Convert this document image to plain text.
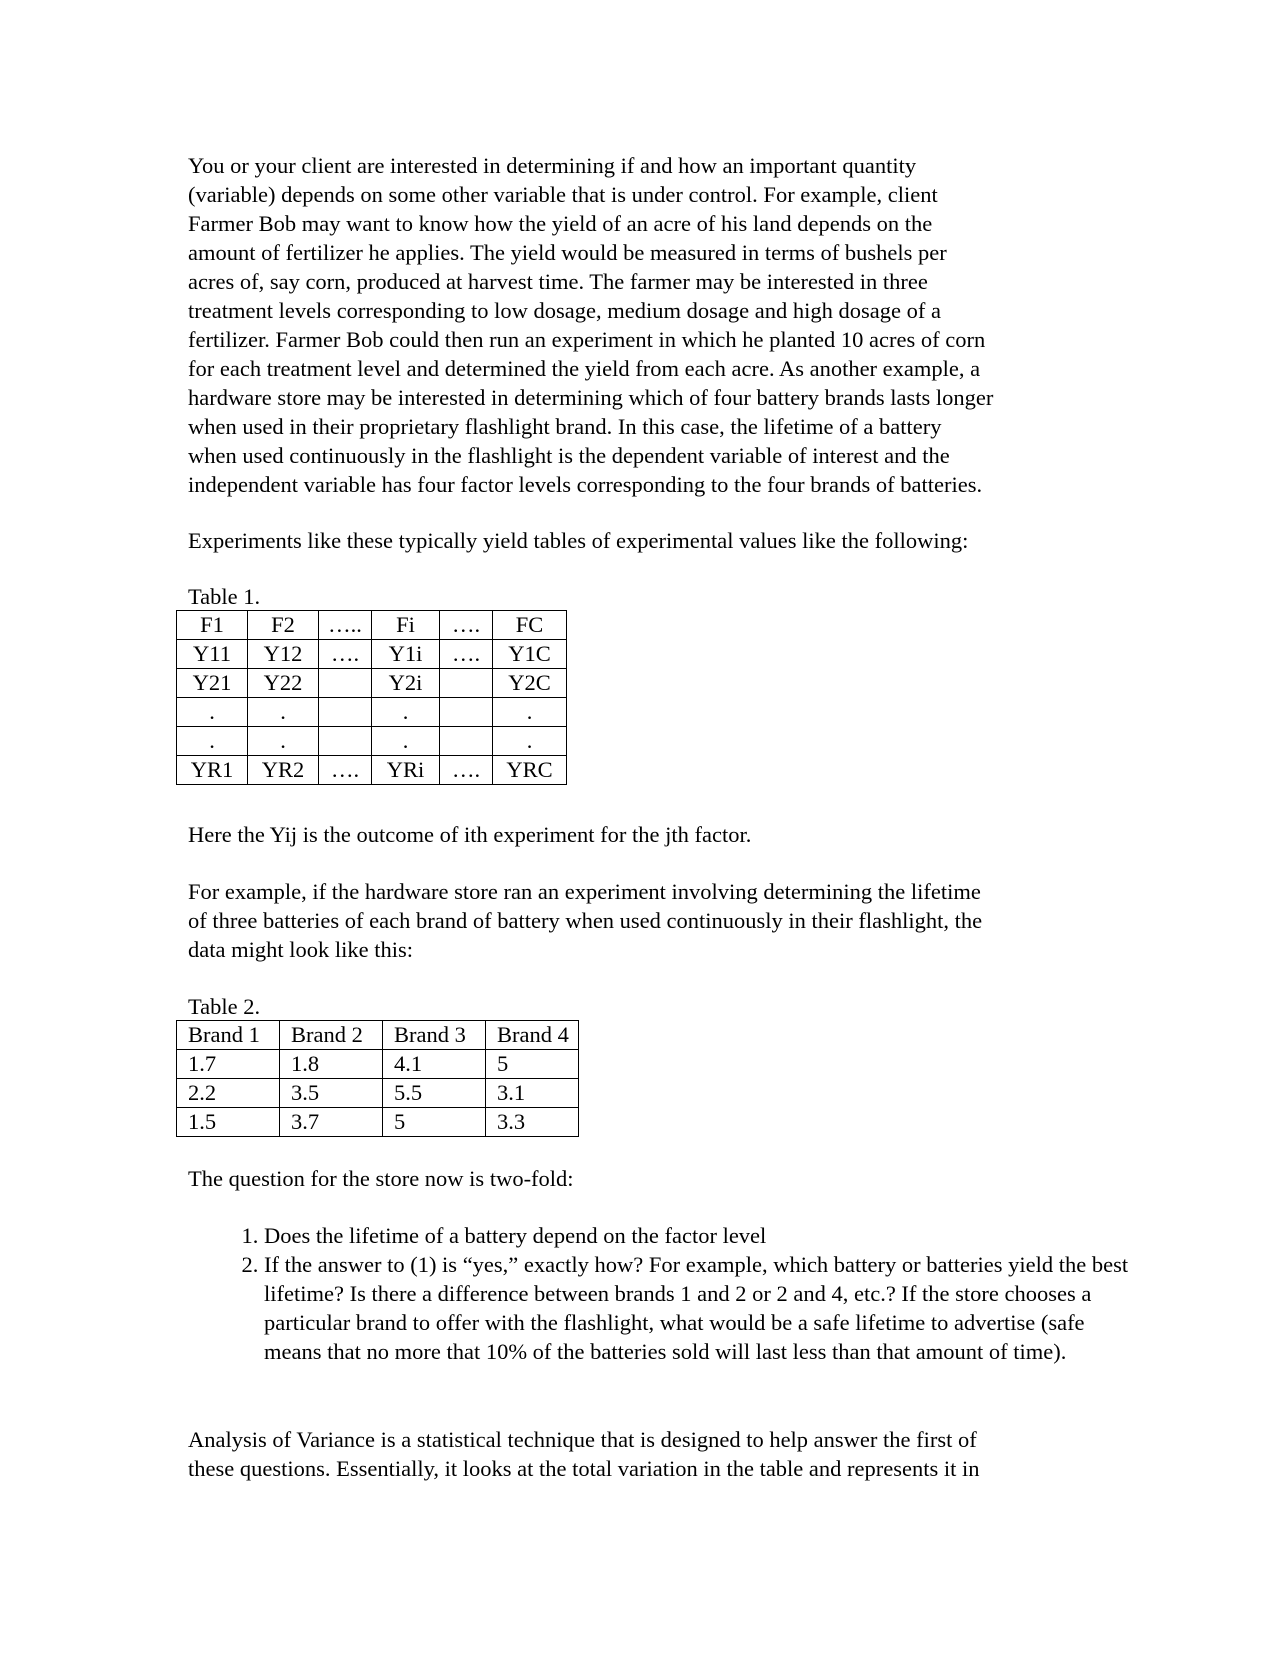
You or your client are interested in determining if and how an important quantity
(variable) depends on some other variable that is under control. For example, client
Farmer Bob may want to know how the yield of an acre of his land depends on the
amount of fertilizer he applies. The yield would be measured in terms of bushels per
acres of, say corn, produced at harvest time. The farmer may be interested in three
treatment levels corresponding to low dosage, medium dosage and high dosage of a
fertilizer. Farmer Bob could then run an experiment in which he planted 10 acres of corn
for each treatment level and determined the yield from each acre. As another example, a
hardware store may be interested in determining which of four battery brands lasts longer
when used in their proprietary flashlight brand. In this case, the lifetime of a battery
when used continuously in the flashlight is the dependent variable of interest and the
independent variable has four factor levels corresponding to the four brands of batteries.

Experiments like these typically yield tables of experimental values like the following:

Table 1.

F1	F2	…..	Fi	….	FC
Y11	Y12	….	Y1i	….	Y1C
Y21	Y22		Y2i		Y2C
.	.		.		.
.	.		.		.
YR1	YR2	….	YRi	….	YRC

Here the Yij is the outcome of ith experiment for the jth factor.

For example, if the hardware store ran an experiment involving determining the lifetime
of three batteries of each brand of battery when used continuously in their flashlight, the
data might look like this:

Table 2.

Brand 1	Brand 2	Brand 3	Brand 4
1.7	1.8	4.1	5
2.2	3.5	5.5	3.1
1.5	3.7	5	3.3

The question for the store now is two-fold:

1. Does the lifetime of a battery depend on the factor level
2. If the answer to (1) is “yes,” exactly how? For example, which battery or batteries yield the best lifetime? Is there a difference between brands 1 and 2 or 2 and 4, etc.? If the store chooses a particular brand to offer with the flashlight, what would be a safe lifetime to advertise (safe means that no more that 10% of the batteries sold will last less than that amount of time).

Analysis of Variance is a statistical technique that is designed to help answer the first of
these questions. Essentially, it looks at the total variation in the table and represents it in
